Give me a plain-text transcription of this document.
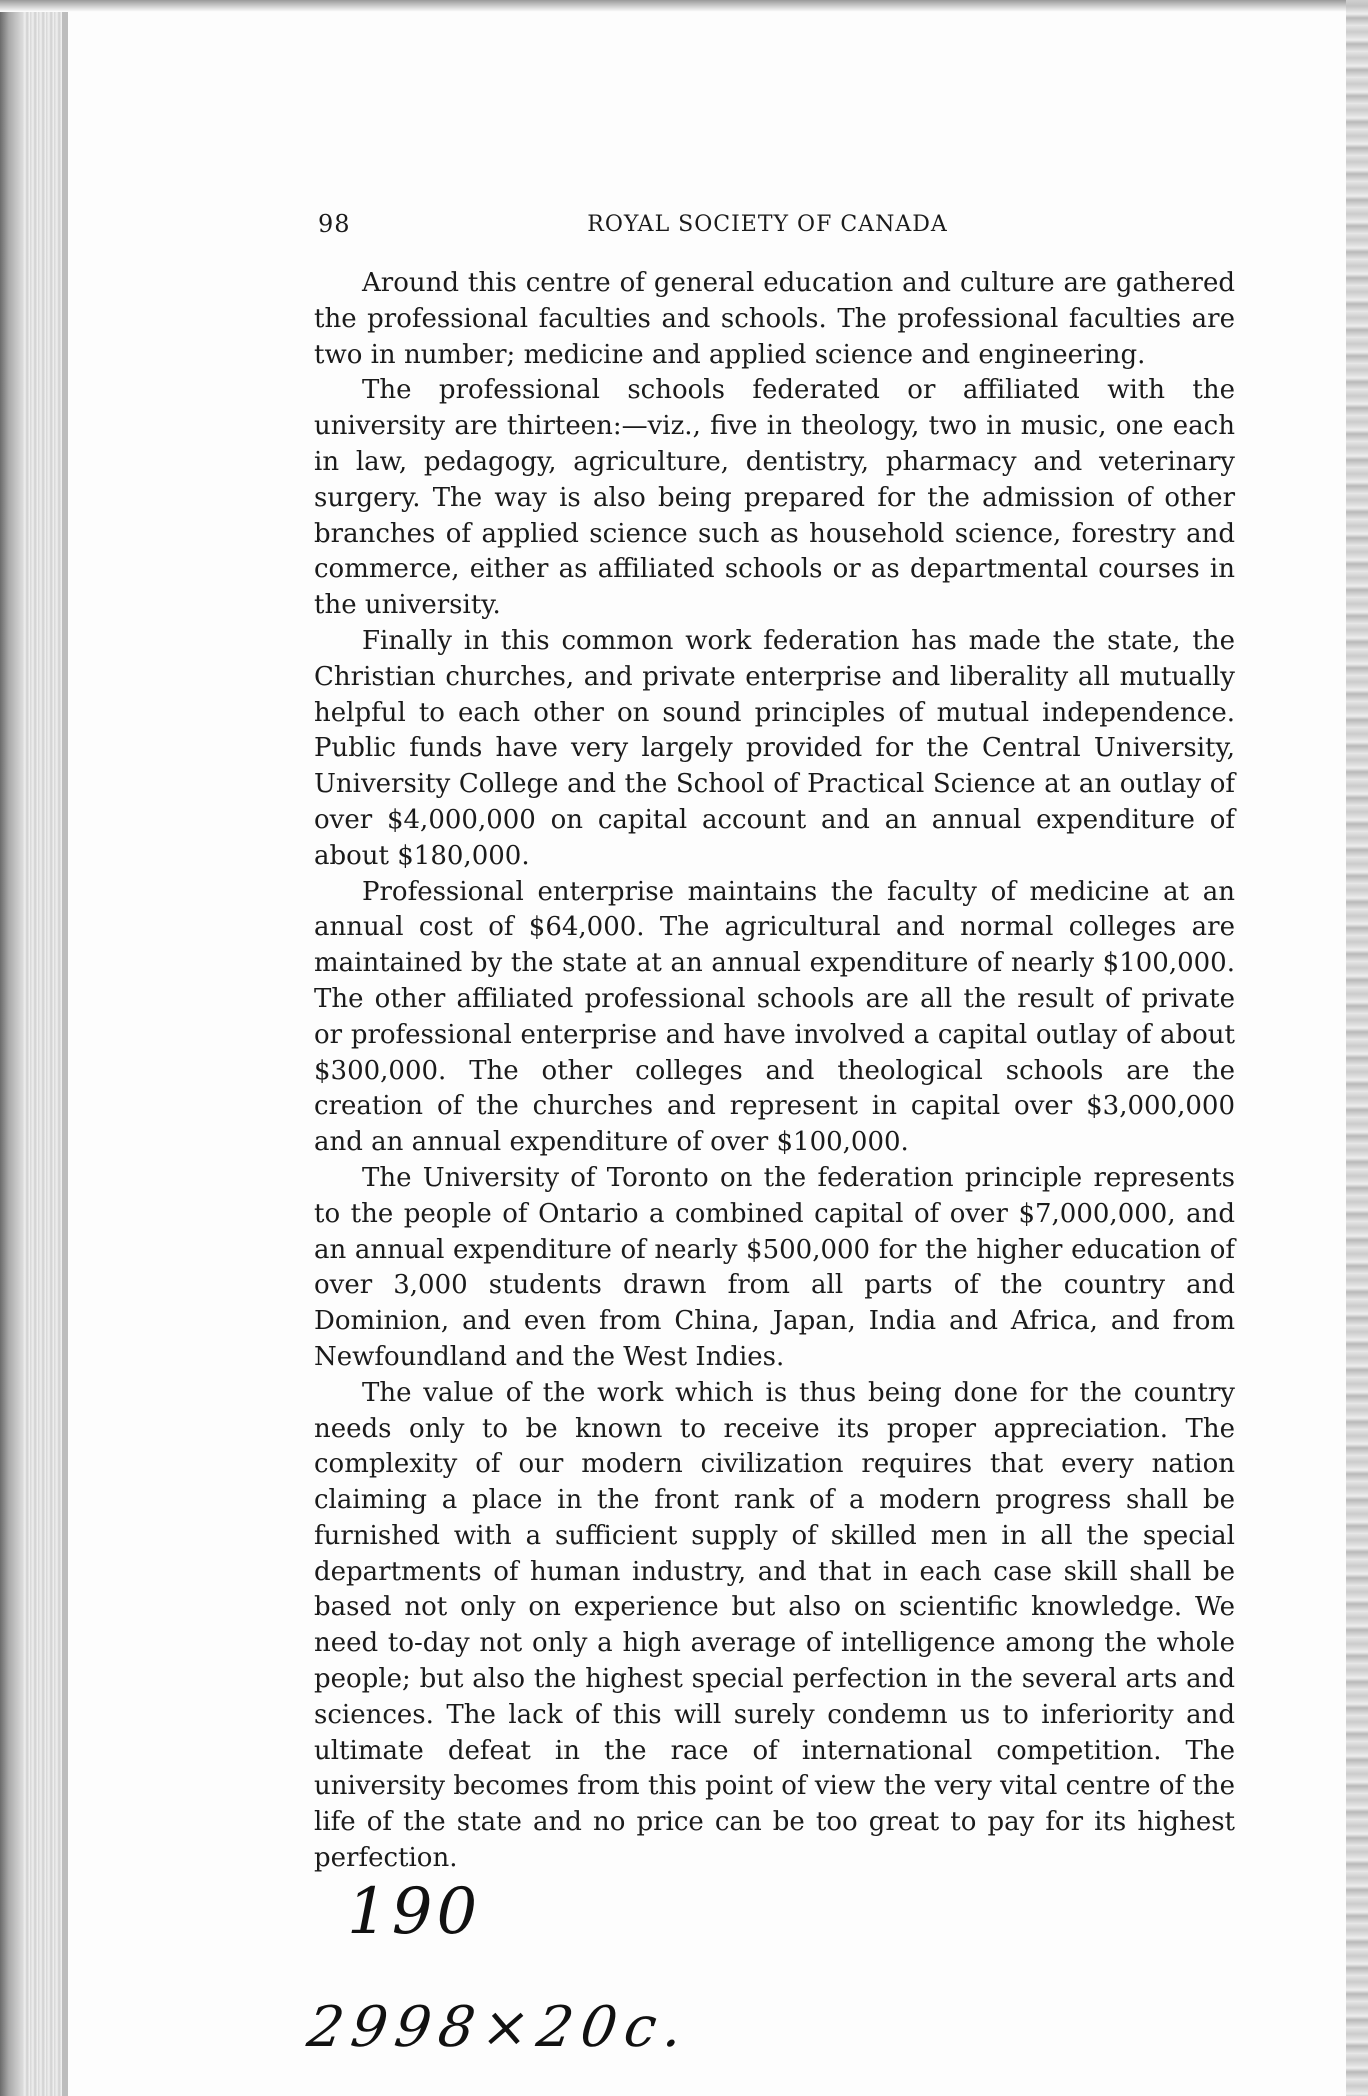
98	ROYAL SOCIETY OF CANADA

Around this centre of general education and culture are gathered the professional faculties and schools. The professional faculties are two in number; medicine and applied science and engineering.

The professional schools federated or affiliated with the university are thirteen:—viz., five in theology, two in music, one each in law, pedagogy, agriculture, dentistry, pharmacy and veterinary surgery. The way is also being prepared for the admission of other branches of applied science such as household science, forestry and commerce, either as affiliated schools or as departmental courses in the university.

Finally in this common work federation has made the state, the Christian churches, and private enterprise and liberality all mutually helpful to each other on sound principles of mutual independence. Public funds have very largely provided for the Central University, University College and the School of Practical Science at an outlay of over $4,000,000 on capital account and an annual expenditure of about $180,000.

Professional enterprise maintains the faculty of medicine at an annual cost of $64,000. The agricultural and normal colleges are maintained by the state at an annual expenditure of nearly $100,000. The other affiliated professional schools are all the result of private or professional enterprise and have involved a capital outlay of about $300,000. The other colleges and theological schools are the creation of the churches and represent in capital over $3,000,000 and an annual expenditure of over $100,000.

The University of Toronto on the federation principle represents to the people of Ontario a combined capital of over $7,000,000, and an annual expenditure of nearly $500,000 for the higher education of over 3,000 students drawn from all parts of the country and Dominion, and even from China, Japan, India and Africa, and from Newfoundland and the West Indies.

The value of the work which is thus being done for the country needs only to be known to receive its proper appreciation. The complexity of our modern civilization requires that every nation claiming a place in the front rank of a modern progress shall be furnished with a sufficient supply of skilled men in all the special departments of human industry, and that in each case skill shall be based not only on experience but also on scientific knowledge. We need to-day not only a high average of intelligence among the whole people; but also the highest special perfection in the several arts and sciences. The lack of this will surely condemn us to inferiority and ultimate defeat in the race of international competition. The university becomes from this point of view the very vital centre of the life of the state and no price can be too great to pay for its highest perfection.

190
2998×20c.
